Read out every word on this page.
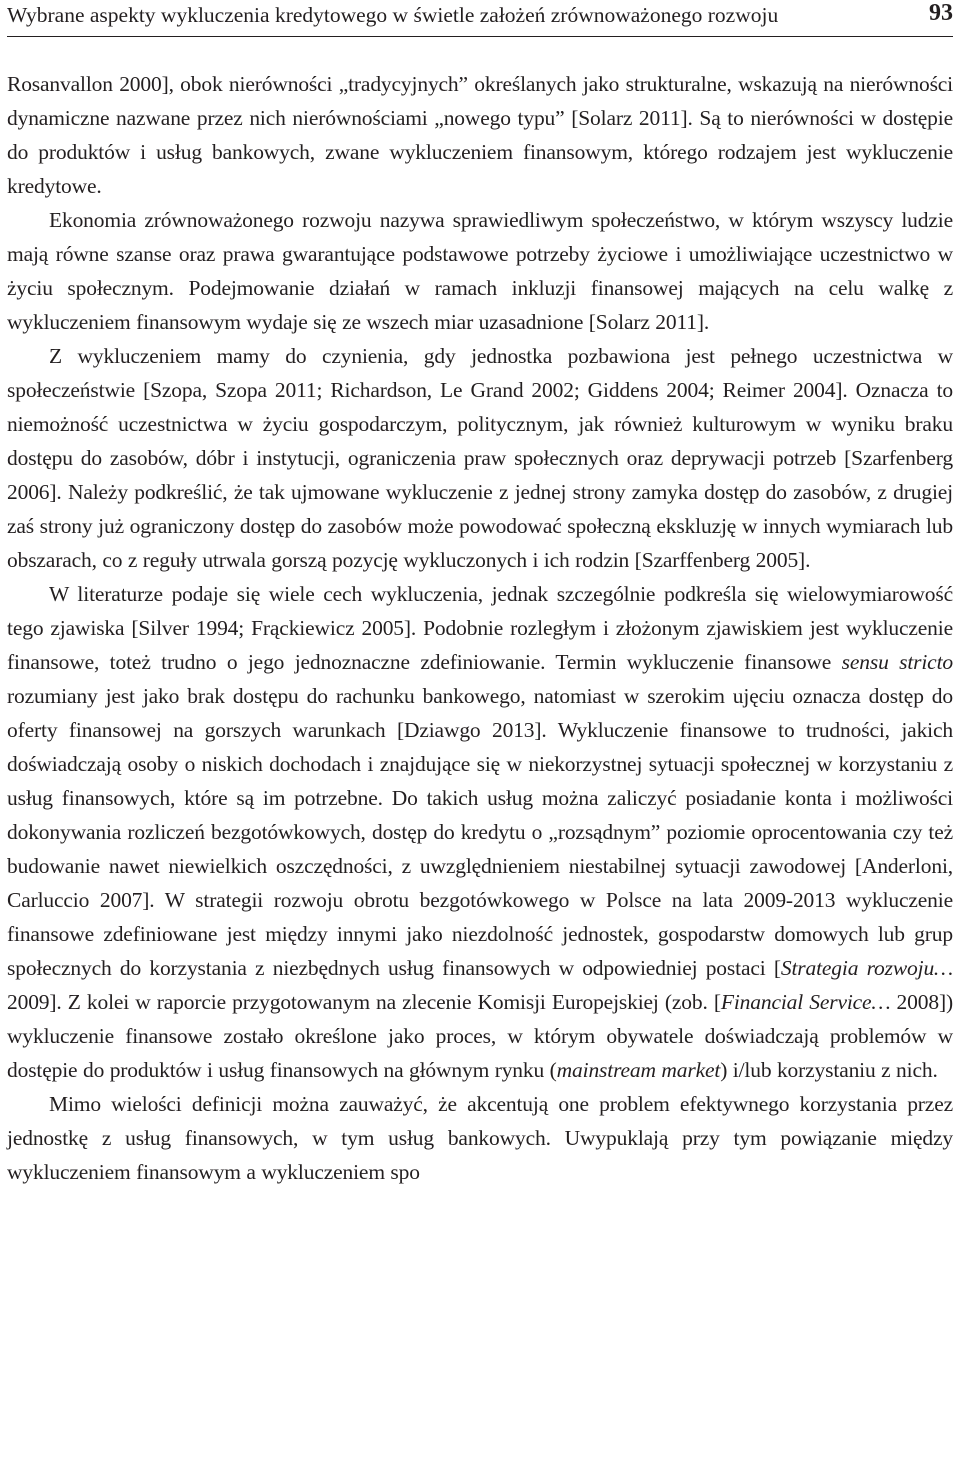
Wybrane aspekty wykluczenia kredytowego w świetle założeń zrównoważonego rozwoju	93

Rosanvallon 2000], obok nierówności „tradycyjnych” określanych jako strukturalne, wskazują na nierówności dynamiczne nazwane przez nich nierównościami „nowego typu” [Solarz 2011]. Są to nierówności w dostępie do produktów i usług bankowych, zwane wykluczeniem finansowym, którego rodzajem jest wykluczenie kredytowe.

Ekonomia zrównoważonego rozwoju nazywa sprawiedliwym społeczeństwo, w którym wszyscy ludzie mają równe szanse oraz prawa gwarantujące podstawowe potrzeby życiowe i umożliwiające uczestnictwo w życiu społecznym. Podejmowanie działań w ramach inkluzji finansowej mających na celu walkę z wykluczeniem finansowym wydaje się ze wszech miar uzasadnione [Solarz 2011].

Z wykluczeniem mamy do czynienia, gdy jednostka pozbawiona jest pełnego uczestnictwa w społeczeństwie [Szopa, Szopa 2011; Richardson, Le Grand 2002; Giddens 2004; Reimer 2004]. Oznacza to niemożność uczestnictwa w życiu gospodarczym, politycznym, jak również kulturowym w wyniku braku dostępu do zasobów, dóbr i instytucji, ograniczenia praw społecznych oraz deprywacji potrzeb [Szarfenberg 2006]. Należy podkreślić, że tak ujmowane wykluczenie z jednej strony zamyka dostęp do zasobów, z drugiej zaś strony już ograniczony dostęp do zasobów może powodować społeczną ekskluzję w innych wymiarach lub obszarach, co z reguły utrwala gorszą pozycję wykluczonych i ich rodzin [Szarffenberg 2005].

W literaturze podaje się wiele cech wykluczenia, jednak szczególnie podkreśla się wielowymiarowość tego zjawiska [Silver 1994; Frąckiewicz 2005]. Podobnie rozległym i złożonym zjawiskiem jest wykluczenie finansowe, toteż trudno o jego jednoznaczne zdefiniowanie. Termin wykluczenie finansowe sensu stricto rozumiany jest jako brak dostępu do rachunku bankowego, natomiast w szerokim ujęciu oznacza dostęp do oferty finansowej na gorszych warunkach [Dziawgo 2013]. Wykluczenie finansowe to trudności, jakich doświadczają osoby o niskich dochodach i znajdujące się w niekorzystnej sytuacji społecznej w korzystaniu z usług finansowych, które są im potrzebne. Do takich usług można zaliczyć posiadanie konta i możliwości dokonywania rozliczeń bezgotówkowych, dostęp do kredytu o „rozsądnym” poziomie oprocentowania czy też budowanie nawet niewielkich oszczędności, z uwzględnieniem niestabilnej sytuacji zawodowej [Anderloni, Carluccio 2007]. W strategii rozwoju obrotu bezgotówkowego w Polsce na lata 2009-2013 wykluczenie finansowe zdefiniowane jest między innymi jako niezdolność jednostek, gospodarstw domowych lub grup społecznych do korzystania z niezbędnych usług finansowych w odpowiedniej postaci [Strategia rozwoju… 2009]. Z kolei w raporcie przygotowanym na zlecenie Komisji Europejskiej (zob. [Financial Service… 2008]) wykluczenie finansowe zostało określone jako proces, w którym obywatele doświadczają problemów w dostępie do produktów i usług finansowych na głównym rynku (mainstream market) i/lub korzystaniu z nich.

Mimo wielości definicji można zauważyć, że akcentują one problem efektywnego korzystania przez jednostkę z usług finansowych, w tym usług bankowych. Uwypuklają przy tym powiązanie między wykluczeniem finansowym a wykluczeniem spo
